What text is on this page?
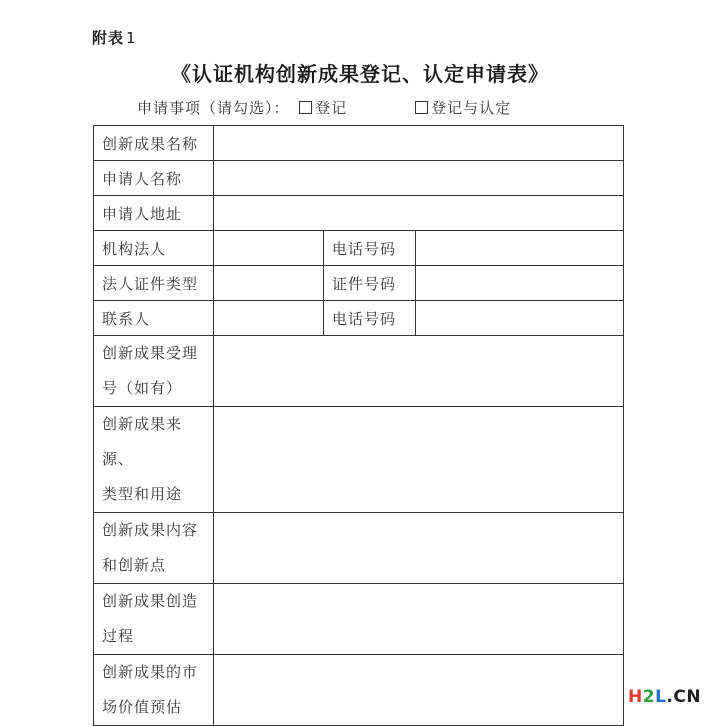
附表 1
《认证机构创新成果登记、认定申请表》
申请事项（请勾选）： 登记	登记与认定
创新成果名称			
申请人名称			
申请人地址			
机构法人		电话号码	
法人证件类型		证件号码	
联系人		电话号码	

创新成果受理
号（如有）			

创新成果来源、
类型和用途			

创新成果内容
和创新点			

创新成果创造
过程			

创新成果的市
场价值预估			
		H2L.CN
